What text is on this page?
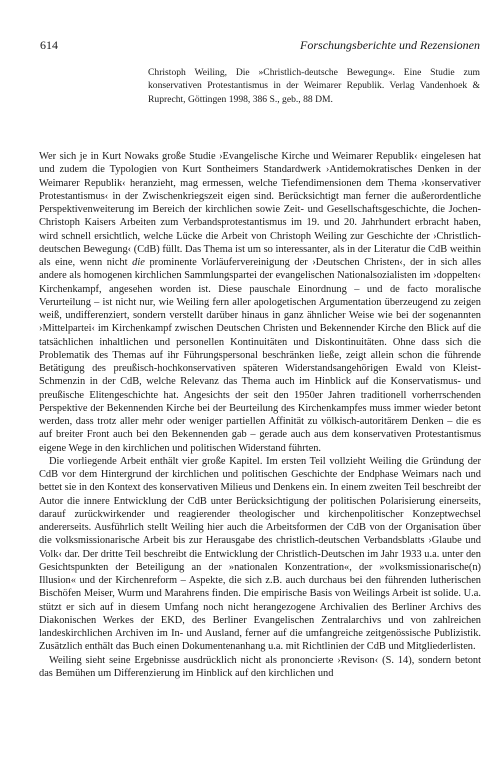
614	Forschungsberichte und Rezensionen
Christoph Weiling, Die »Christlich-deutsche Bewegung«. Eine Studie zum konservativen Protestantismus in der Weimarer Republik. Verlag Vandenhoek & Ruprecht, Göttingen 1998, 386 S., geb., 88 DM.

Wer sich je in Kurt Nowaks große Studie ›Evangelische Kirche und Weimarer Republik‹ eingelesen hat und zudem die Typologien von Kurt Sontheimers Standardwerk ›Antidemokratisches Denken in der Weimarer Republik‹ heranzieht, mag ermessen, welche Tiefendimensionen dem Thema ›konservativer Protestantismus‹ in der Zwischenkriegszeit eigen sind. Berücksichtigt man ferner die außerordentliche Perspektivenweiterung im Bereich der kirchlichen sowie Zeit- und Gesellschaftsgeschichte, die Jochen-Christoph Kaisers Arbeiten zum Verbandsprotestantismus im 19. und 20. Jahrhundert erbracht haben, wird schnell ersichtlich, welche Lücke die Arbeit von Christoph Weiling zur Geschichte der ›Christlich-deutschen Bewegung‹ (CdB) füllt. Das Thema ist um so interessanter, als in der Literatur die CdB weithin als eine, wenn nicht die prominente Vorläufervereinigung der ›Deutschen Christen‹, der in sich alles andere als homogenen kirchlichen Sammlungspartei der evangelischen Nationalsozialisten im ›doppelten‹ Kirchenkampf, angesehen worden ist. Diese pauschale Einordnung – und de facto moralische Verurteilung – ist nicht nur, wie Weiling fern aller apologetischen Argumentation überzeugend zu zeigen weiß, undifferenziert, sondern verstellt darüber hinaus in ganz ähnlicher Weise wie bei der sogenannten ›Mittelpartei‹ im Kirchenkampf zwischen Deutschen Christen und Bekennender Kirche den Blick auf die tatsächlichen inhaltlichen und personellen Kontinuitäten und Diskontinuitäten. Ohne dass sich die Problematik des Themas auf ihr Führungspersonal beschränken ließe, zeigt allein schon die führende Betätigung des preußisch-hochkonservativen späteren Widerstandsangehörigen Ewald von Kleist-Schmenzin in der CdB, welche Relevanz das Thema auch im Hinblick auf die Konservatismus- und preußische Elitengeschichte hat. Angesichts der seit den 1950er Jahren traditionell vorherrschenden Perspektive der Bekennenden Kirche bei der Beurteilung des Kirchenkampfes muss immer wieder betont werden, dass trotz aller mehr oder weniger partiellen Affinität zu völkisch-autoritärem Denken – die es auf breiter Front auch bei den Bekennenden gab – gerade auch aus dem konservativen Protestantismus eigene Wege in den kirchlichen und politischen Widerstand führten.

Die vorliegende Arbeit enthält vier große Kapitel. Im ersten Teil vollzieht Weiling die Gründung der CdB vor dem Hintergrund der kirchlichen und politischen Geschichte der Endphase Weimars nach und bettet sie in den Kontext des konservativen Milieus und Denkens ein. In einem zweiten Teil beschreibt der Autor die innere Entwicklung der CdB unter Berücksichtigung der politischen Polarisierung einerseits, darauf zurückwirkender und reagierender theologischer und kirchenpolitischer Konzeptwechsel andererseits. Ausführlich stellt Weiling hier auch die Arbeitsformen der CdB von der Organisation über die volksmissionarische Arbeit bis zur Herausgabe des christlich-deutschen Verbandsblatts ›Glaube und Volk‹ dar. Der dritte Teil beschreibt die Entwicklung der Christlich-Deutschen im Jahr 1933 u.a. unter den Gesichtspunkten der Beteiligung an der »nationalen Konzentration«, der »volksmissionarische(n) Illusion« und der Kirchenreform – Aspekte, die sich z.B. auch durchaus bei den führenden lutherischen Bischöfen Meiser, Wurm und Marahrens finden. Die empirische Basis von Weilings Arbeit ist solide. U.a. stützt er sich auf in diesem Umfang noch nicht herangezogene Archivalien des Berliner Archivs des Diakonischen Werkes der EKD, des Berliner Evangelischen Zentralarchivs und von zahlreichen landeskirchlichen Archiven im In- und Ausland, ferner auf die umfangreiche zeitgenössische Publizistik. Zusätzlich enthält das Buch einen Dokumentenanhang u.a. mit Richtlinien der CdB und Mitgliederlisten.

Weiling sieht seine Ergebnisse ausdrücklich nicht als prononcierte ›Revison‹ (S. 14), sondern betont das Bemühen um Differenzierung im Hinblick auf den kirchlichen und
